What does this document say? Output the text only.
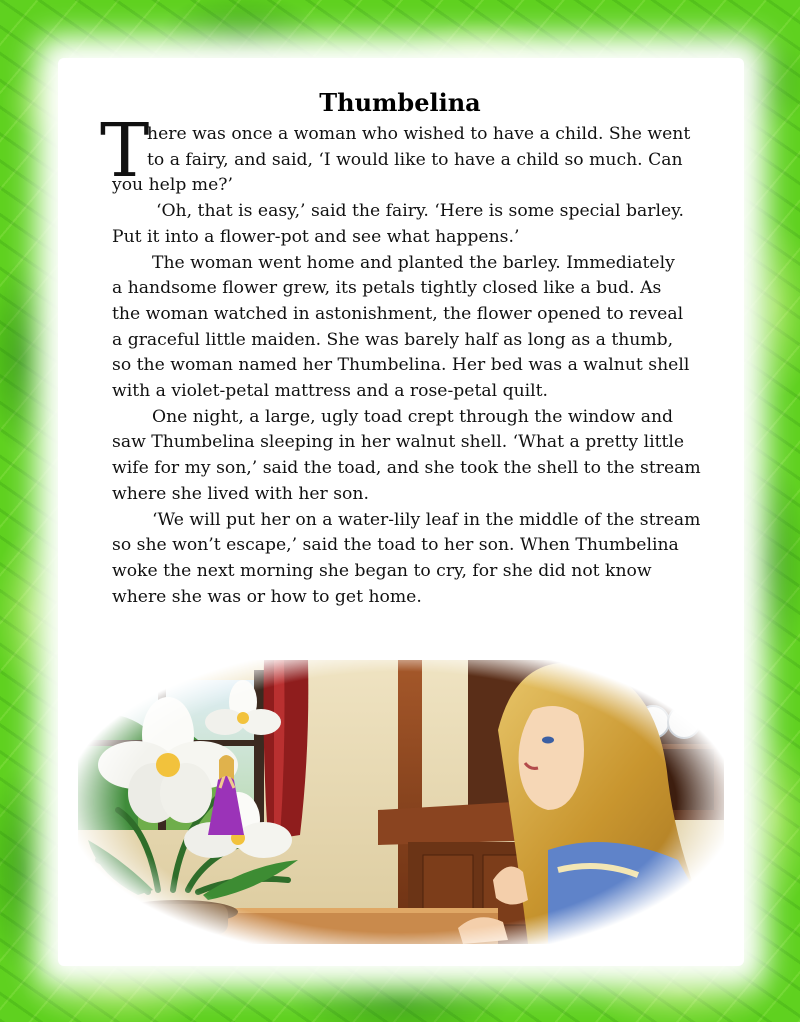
Thumbelina
T
here was once a woman who wished to have a child. She went
to a fairy, and said, ‘I would like to have a child so much. Can
you help me?’
‘Oh, that is easy,’ said the fairy. ‘Here is some special barley.
Put it into a flower-pot and see what happens.’
The woman went home and planted the barley. Immediately
a handsome flower grew, its petals tightly closed like a bud. As
the woman watched in astonishment, the flower opened to reveal
a graceful little maiden. She was barely half as long as a thumb,
so the woman named her Thumbelina. Her bed was a walnut shell
with a violet-petal mattress and a rose-petal quilt.
One night, a large, ugly toad crept through the window and
saw Thumbelina sleeping in her walnut shell. ‘What a pretty little
wife for my son,’ said the toad, and she took the shell to the stream
where she lived with her son.
‘We will put her on a water-lily leaf in the middle of the stream
so she won’t escape,’ said the toad to her son. When Thumbelina
woke the next morning she began to cry, for she did not know
where she was or how to get home.
